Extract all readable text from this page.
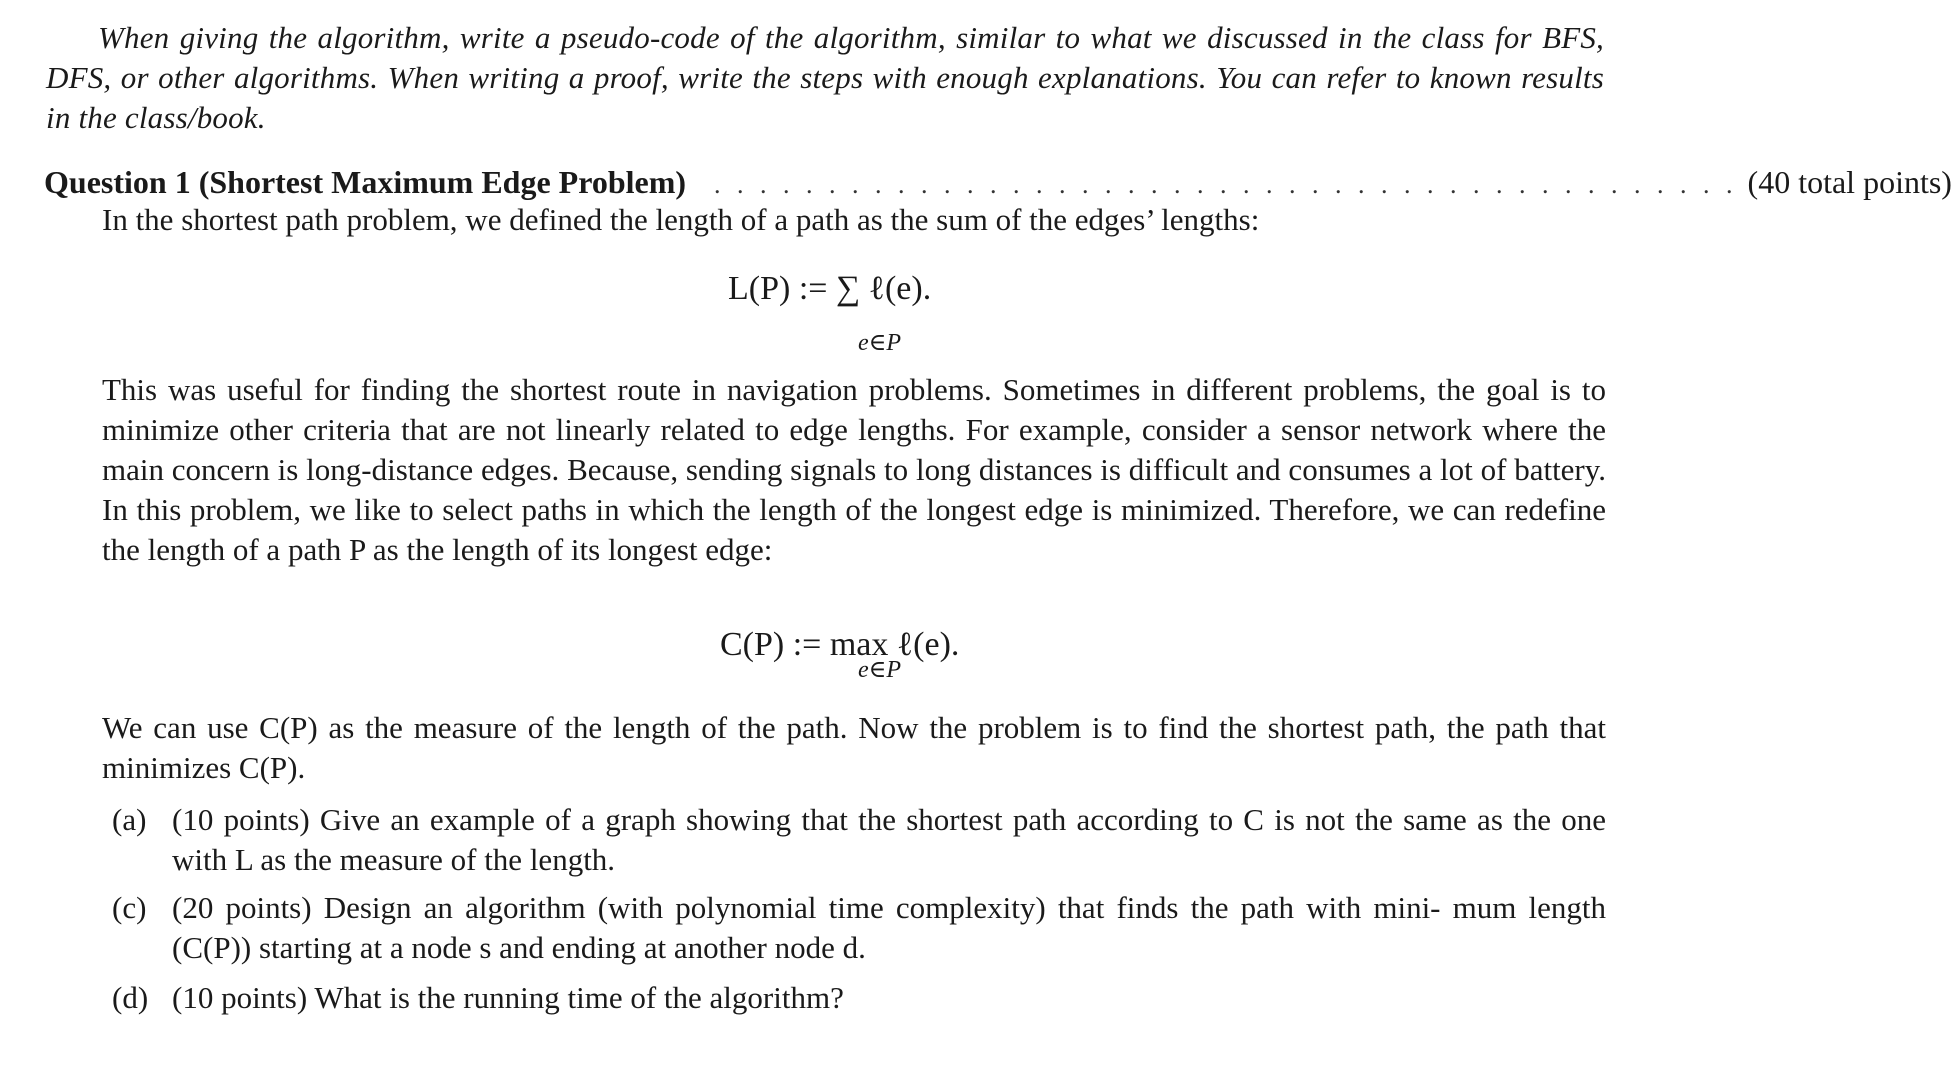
When giving the algorithm, write a pseudo-code of the algorithm, similar to what we discussed in the class for BFS, DFS, or other algorithms. When writing a proof, write the steps with enough explanations. You can refer to known results in the class/book.

Question 1 (Shortest Maximum Edge Problem) . . . . . . . . . . . . . . . . . . . . . . . . . . . . . . . . . . . . . . . . . . . . . (40 total points)

In the shortest path problem, we defined the length of a path as the sum of the edges’ lengths:

L(P) := ∑ ℓ(e).
e∈P

This was useful for finding the shortest route in navigation problems. Sometimes in different problems, the goal is to minimize other criteria that are not linearly related to edge lengths. For example, consider a sensor network where the main concern is long-distance edges. Because, sending signals to long distances is difficult and consumes a lot of battery. In this problem, we like to select paths in which the length of the longest edge is minimized. Therefore, we can redefine the length of a path P as the length of its longest edge:

C(P) := max ℓ(e).
e∈P

We can use C(P) as the measure of the length of the path. Now the problem is to find the shortest path, the path that minimizes C(P).

(a) (10 points) Give an example of a graph showing that the shortest path according to C is not the same as the one with L as the measure of the length.
(c) (20 points) Design an algorithm (with polynomial time complexity) that finds the path with mini- mum length (C(P)) starting at a node s and ending at another node d.
(d) (10 points) What is the running time of the algorithm?
